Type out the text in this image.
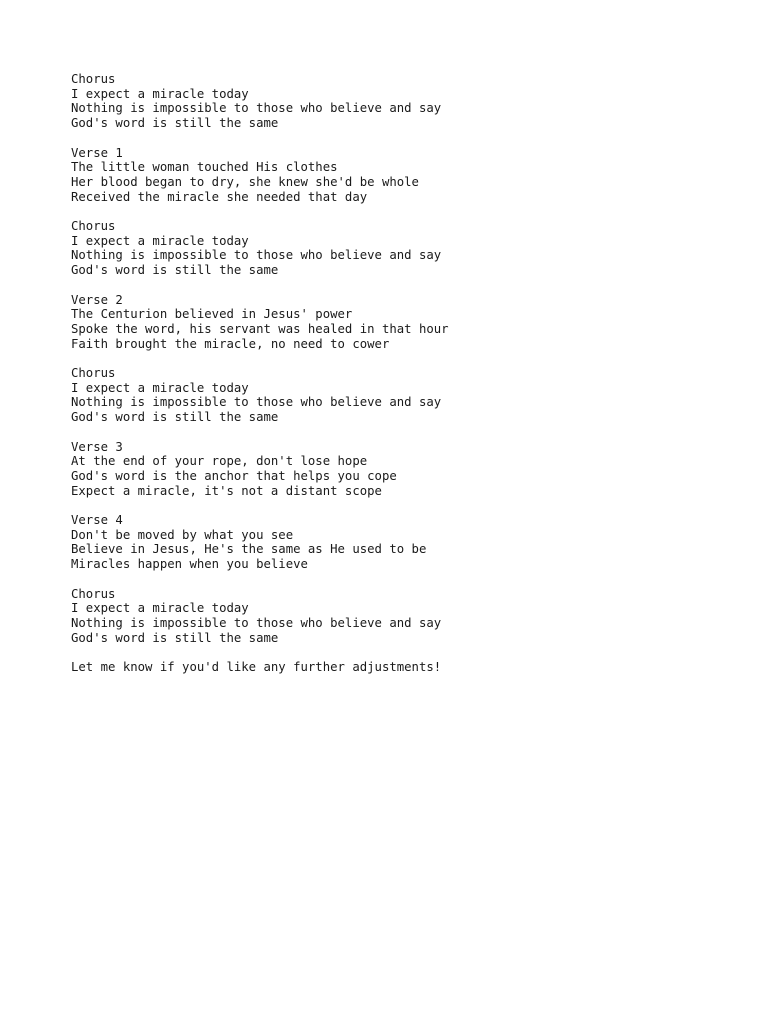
Chorus
I expect a miracle today
Nothing is impossible to those who believe and say
God's word is still the same
Verse 1
The little woman touched His clothes
Her blood began to dry, she knew she'd be whole
Received the miracle she needed that day
Chorus
I expect a miracle today
Nothing is impossible to those who believe and say
God's word is still the same
Verse 2
The Centurion believed in Jesus' power
Spoke the word, his servant was healed in that hour
Faith brought the miracle, no need to cower
Chorus
I expect a miracle today
Nothing is impossible to those who believe and say
God's word is still the same
Verse 3
At the end of your rope, don't lose hope
God's word is the anchor that helps you cope
Expect a miracle, it's not a distant scope
Verse 4
Don't be moved by what you see
Believe in Jesus, He's the same as He used to be
Miracles happen when you believe
Chorus
I expect a miracle today
Nothing is impossible to those who believe and say
God's word is still the same
Let me know if you'd like any further adjustments!
